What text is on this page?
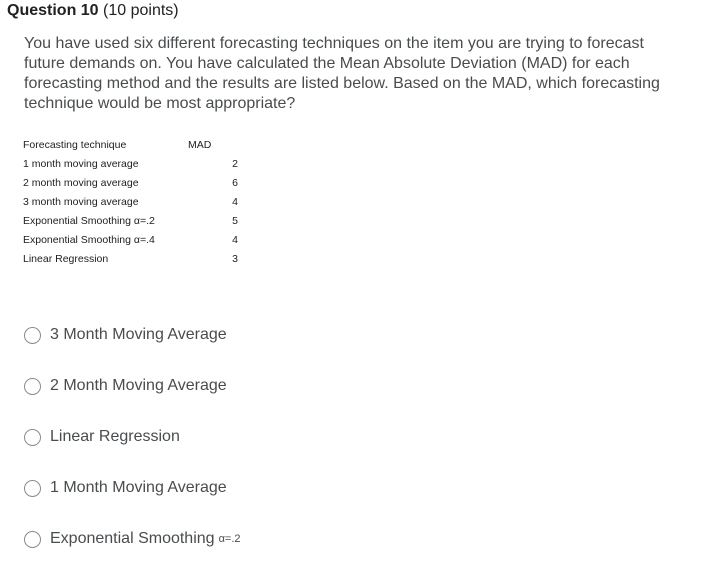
Question 10 (10 points)
You have used six different forecasting techniques on the item you are trying to forecast future demands on. You have calculated the Mean Absolute Deviation (MAD) for each forecasting method and the results are listed below. Based on the MAD, which forecasting technique would be most appropriate?
Forecasting technique	MAD
1 month moving average	2
2 month moving average	6
3 month moving average	4
Exponential Smoothing α=.2	5
Exponential Smoothing α=.4	4
Linear Regression	3
3 Month Moving Average
2 Month Moving Average
Linear Regression
1 Month Moving Average
Exponential Smoothing α=.2
